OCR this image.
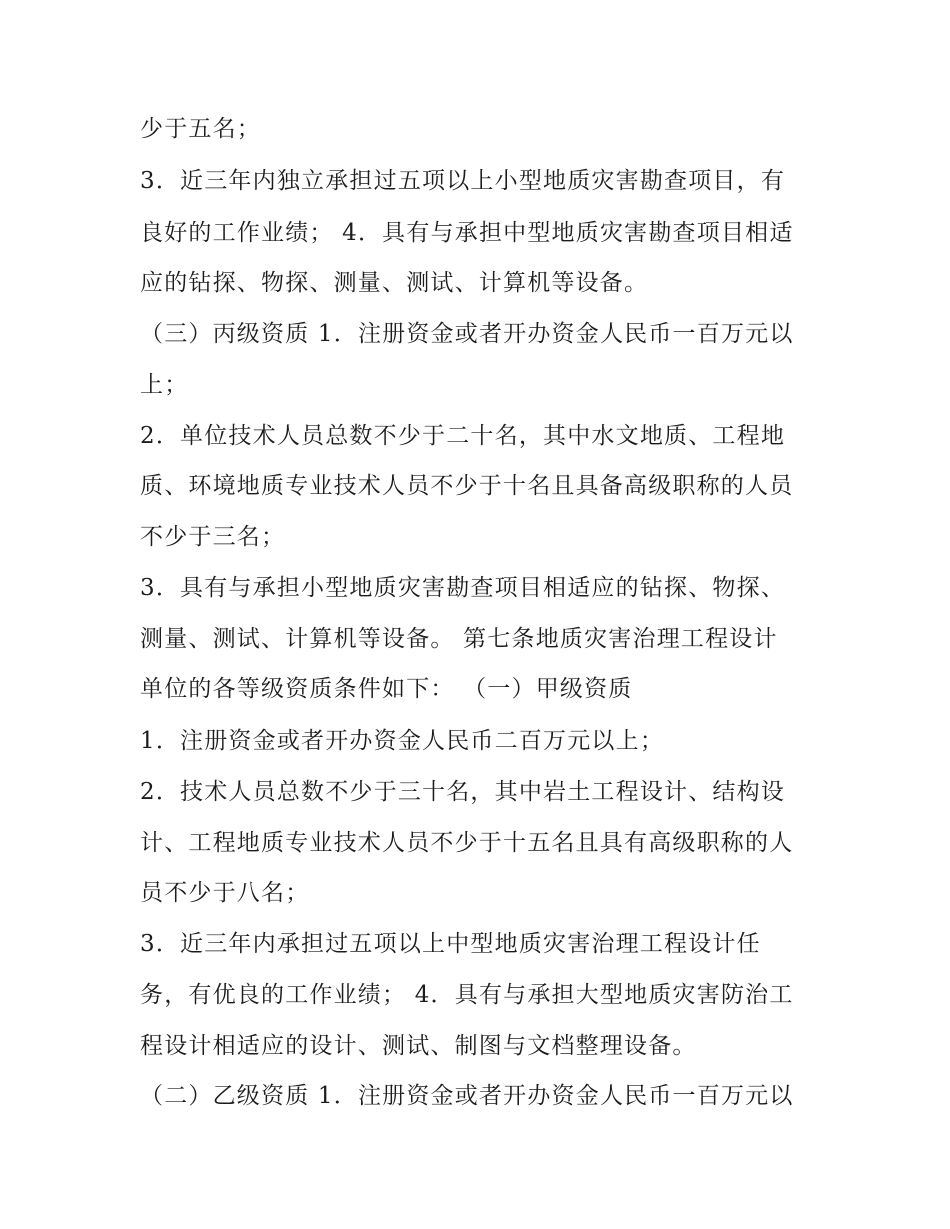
少于五名；
3．近三年内独立承担过五项以上小型地质灾害勘查项目，有
良好的工作业绩； 4．具有与承担中型地质灾害勘查项目相适
应的钻探、物探、测量、测试、计算机等设备。
（三）丙级资质 1．注册资金或者开办资金人民币一百万元以
上；
2．单位技术人员总数不少于二十名，其中水文地质、工程地
质、环境地质专业技术人员不少于十名且具备高级职称的人员
不少于三名；
3．具有与承担小型地质灾害勘查项目相适应的钻探、物探、
测量、测试、计算机等设备。 第七条地质灾害治理工程设计
单位的各等级资质条件如下： （一）甲级资质
1．注册资金或者开办资金人民币二百万元以上；
2．技术人员总数不少于三十名，其中岩土工程设计、结构设
计、工程地质专业技术人员不少于十五名且具有高级职称的人
员不少于八名；
3．近三年内承担过五项以上中型地质灾害治理工程设计任
务，有优良的工作业绩； 4．具有与承担大型地质灾害防治工
程设计相适应的设计、测试、制图与文档整理设备。
（二）乙级资质 1．注册资金或者开办资金人民币一百万元以
